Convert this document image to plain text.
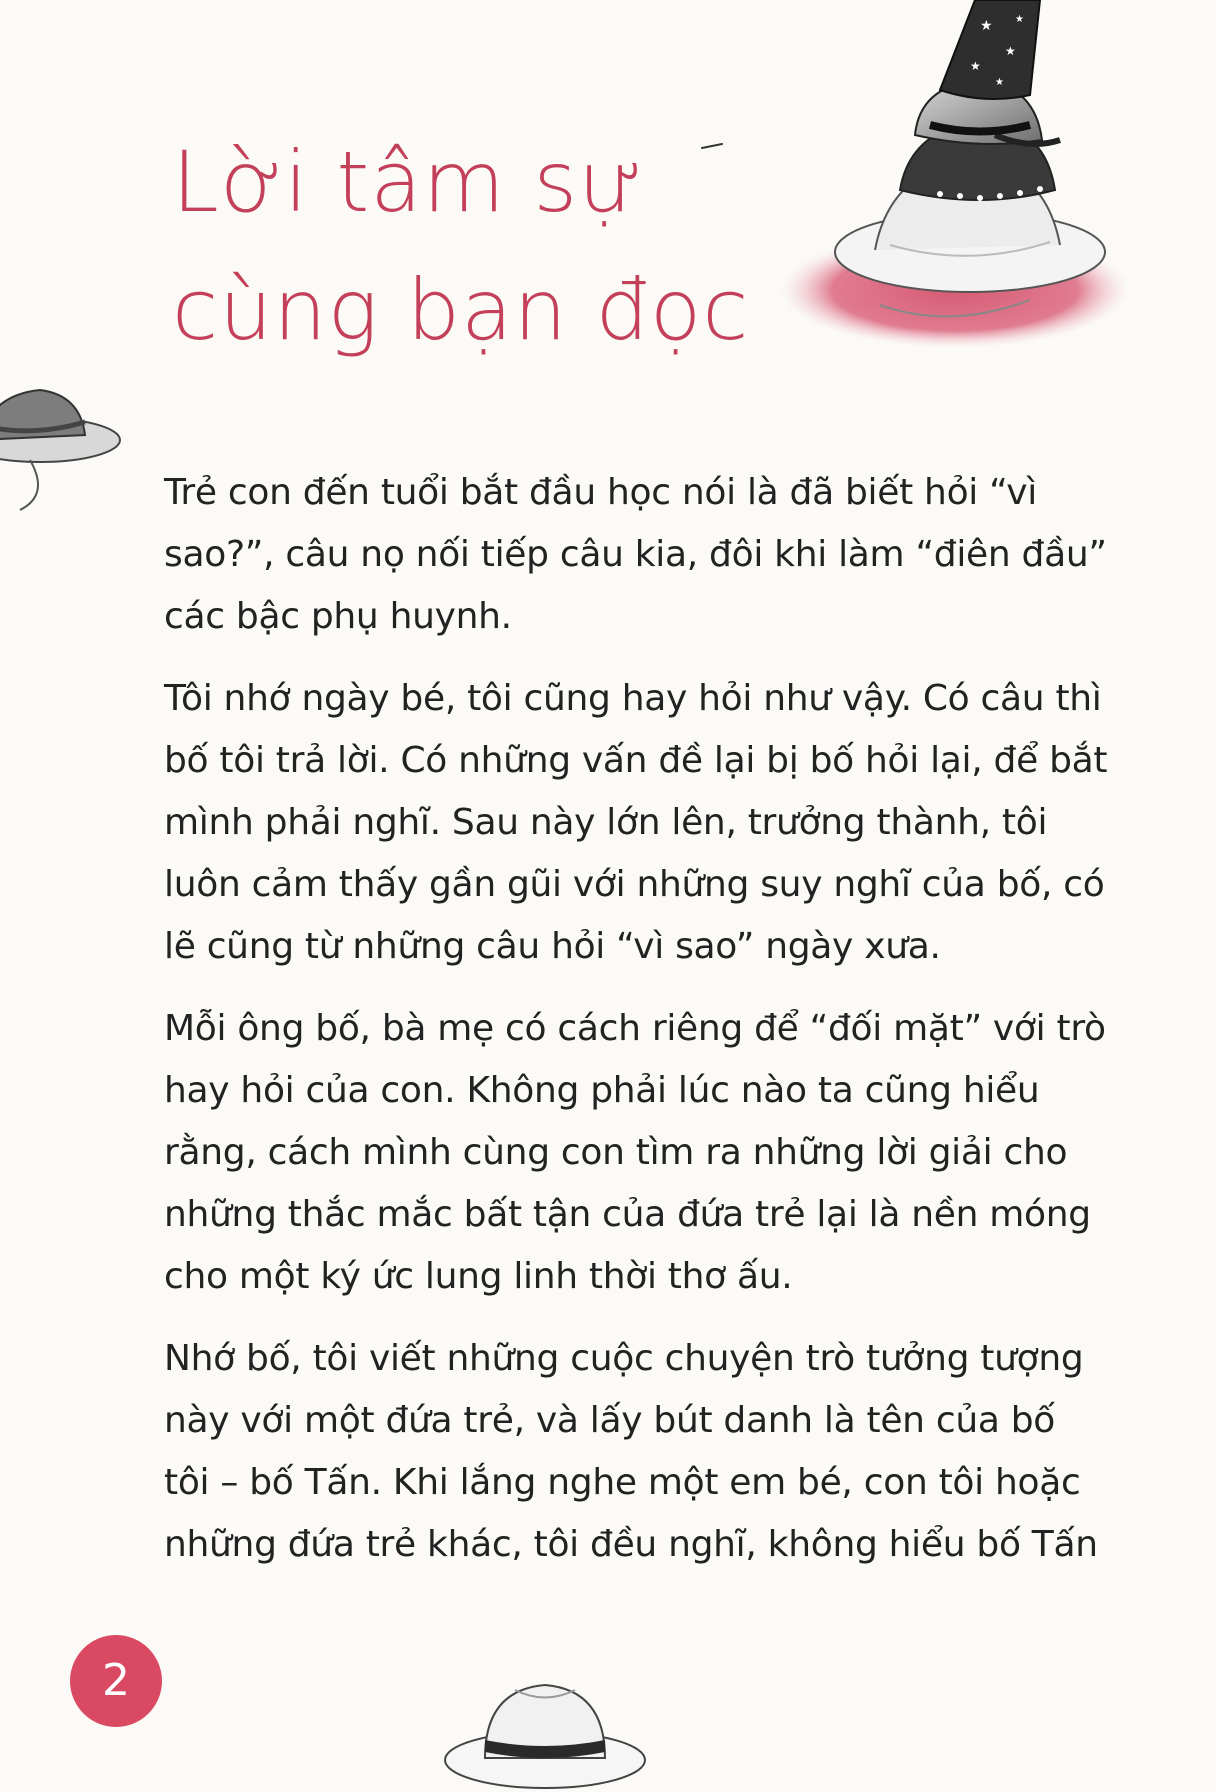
Lời tâm sự
cùng bạn đọc
★
★
★
★
★

Trẻ con đến tuổi bắt đầu học nói là đã biết hỏi “vì
sao?”, câu nọ nối tiếp câu kia, đôi khi làm “điên đầu”
các bậc phụ huynh.

Tôi nhớ ngày bé, tôi cũng hay hỏi như vậy. Có câu thì
bố tôi trả lời. Có những vấn đề lại bị bố hỏi lại, để bắt
mình phải nghĩ. Sau này lớn lên, trưởng thành, tôi
luôn cảm thấy gần gũi với những suy nghĩ của bố, có
lẽ cũng từ những câu hỏi “vì sao” ngày xưa.

Mỗi ông bố, bà mẹ có cách riêng để “đối mặt” với trò
hay hỏi của con. Không phải lúc nào ta cũng hiểu
rằng, cách mình cùng con tìm ra những lời giải cho
những thắc mắc bất tận của đứa trẻ lại là nền móng
cho một ký ức lung linh thời thơ ấu.

Nhớ bố, tôi viết những cuộc chuyện trò tưởng tượng
này với một đứa trẻ, và lấy bút danh là tên của bố
tôi – bố Tấn. Khi lắng nghe một em bé, con tôi hoặc
những đứa trẻ khác, tôi đều nghĩ, không hiểu bố Tấn

2
